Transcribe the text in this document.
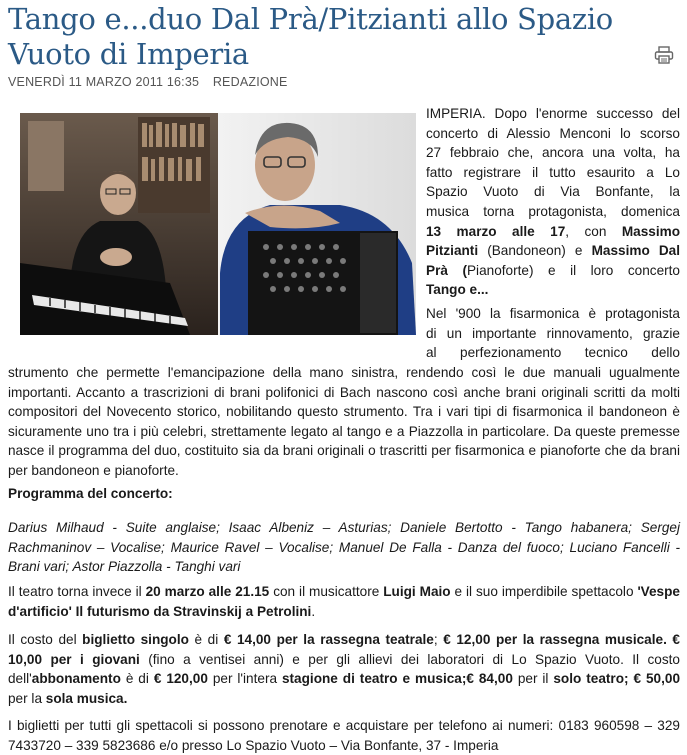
Tango e...duo Dal Prà/Pitzianti allo Spazio Vuoto di Imperia
VENERDÌ 11 MARZO 2011 16:35 REDAZIONE
IMPERIA. Dopo l'enorme successo del
concerto di Alessio Menconi lo scorso
27 febbraio che, ancora una volta, ha
fatto registrare il tutto esaurito a Lo
Spazio Vuoto di Via Bonfante, la
musica torna protagonista, domenica
13 marzo alle 17, con Massimo
Pitzianti (Bandoneon) e Massimo Dal
Prà (Pianoforte) e il loro concerto
Tango e...
Nel '900 la fisarmonica è protagonista
di un importante rinnovamento, grazie
al perfezionamento tecnico dello

strumento che permette l'emancipazione della mano sinistra, rendendo così le due manuali ugualmente importanti. Accanto a trascrizioni di brani polifonici di Bach nascono così anche brani originali scritti da molti compositori del Novecento storico, nobilitando questo strumento. Tra i vari tipi di fisarmonica il bandoneon è sicuramente uno tra i più celebri, strettamente legato al tango e a Piazzolla in particolare. Da queste premesse nasce il programma del duo, costituito sia da brani originali o trascritti per fisarmonica e pianoforte che da brani per bandoneon e pianoforte.

Programma del concerto:

Darius Milhaud - Suite anglaise; Isaac Albeniz – Asturias; Daniele Bertotto - Tango habanera; Sergej Rachmaninov – Vocalise; Maurice Ravel – Vocalise; Manuel De Falla - Danza del fuoco; Luciano Fancelli - Brani vari; Astor Piazzolla - Tanghi vari

Il teatro torna invece il 20 marzo alle 21.15 con il musicattore Luigi Maio e il suo imperdibile spettacolo 'Vespe d'artificio' Il futurismo da Stravinskij a Petrolini.

Il costo del biglietto singolo è di € 14,00 per la rassegna teatrale; € 12,00 per la rassegna musicale. € 10,00 per i giovani (fino a ventisei anni) e per gli allievi dei laboratori di Lo Spazio Vuoto. Il costo dell'abbonamento è di € 120,00 per l'intera stagione di teatro e musica;€ 84,00 per il solo teatro; € 50,00 per la sola musica.

I biglietti per tutti gli spettacoli si possono prenotare e acquistare per telefono ai numeri: 0183 960598 – 329 7433720 – 339 5823686 e/o presso Lo Spazio Vuoto – Via Bonfante, 37 - Imperia
